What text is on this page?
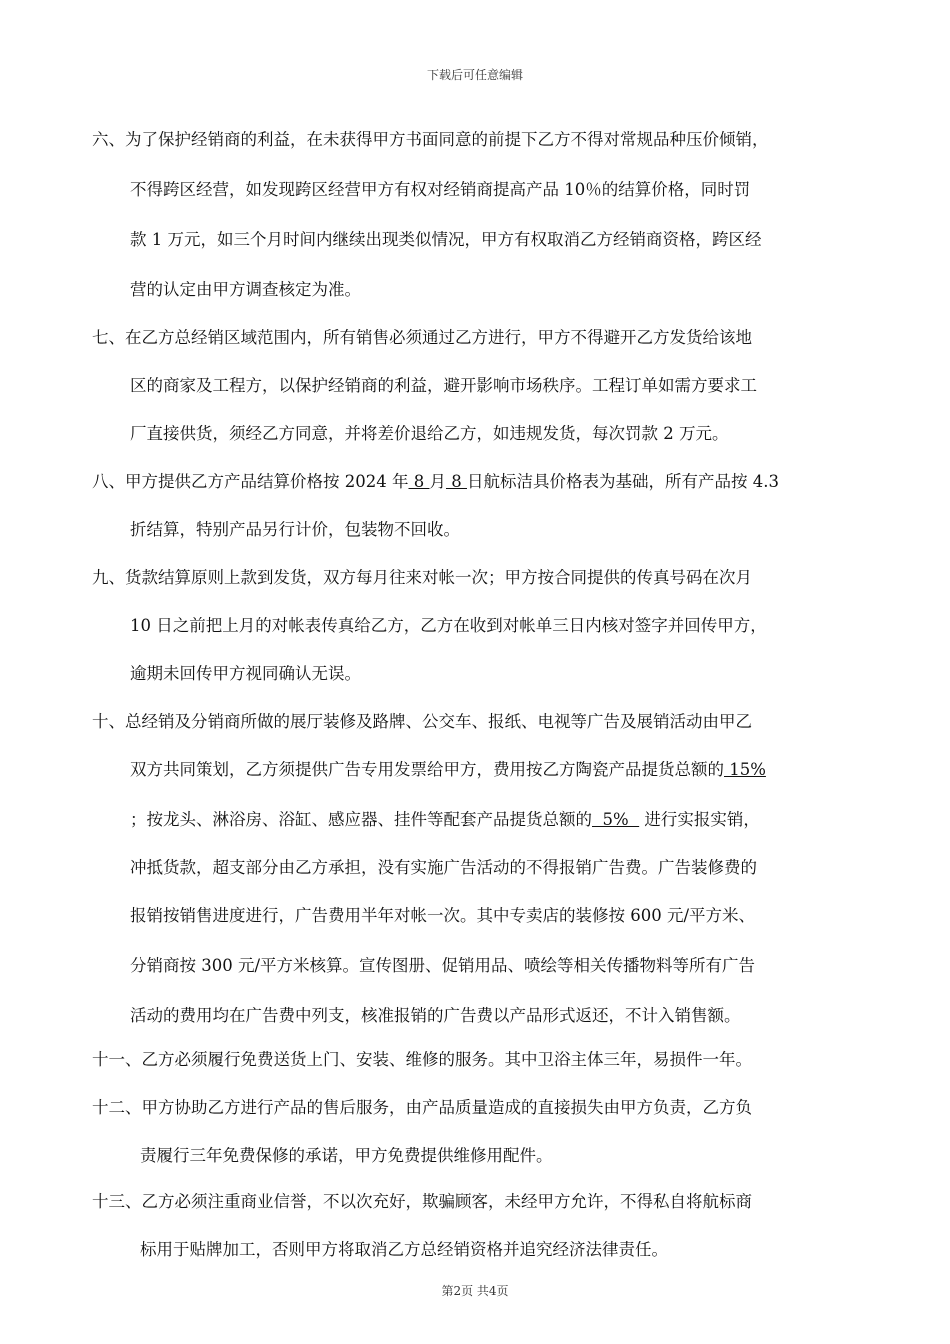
下载后可任意编辑
六、为了保护经销商的利益，在未获得甲方书面同意的前提下乙方不得对常规品种压价倾销，
不得跨区经营，如发现跨区经营甲方有权对经销商提高产品 10％的结算价格，同时罚
款 1 万元，如三个月时间内继续出现类似情况，甲方有权取消乙方经销商资格，跨区经
营的认定由甲方调查核定为准。
七、在乙方总经销区域范围内，所有销售必须通过乙方进行，甲方不得避开乙方发货给该地
区的商家及工程方，以保护经销商的利益，避开影响市场秩序。工程订单如需方要求工
厂直接供货，须经乙方同意，并将差价退给乙方，如违规发货，每次罚款 2 万元。
八、甲方提供乙方产品结算价格按 2024 年 8 月 8 日航标洁具价格表为基础，所有产品按 4.3
折结算，特别产品另行计价，包装物不回收。
九、货款结算原则上款到发货，双方每月往来对帐一次；甲方按合同提供的传真号码在次月
10 日之前把上月的对帐表传真给乙方，乙方在收到对帐单三日内核对签字并回传甲方，
逾期未回传甲方视同确认无误。
十、总经销及分销商所做的展厅装修及路牌、公交车、报纸、电视等广告及展销活动由甲乙
双方共同策划，乙方须提供广告专用发票给甲方，费用按乙方陶瓷产品提货总额的 15%
；按龙头、淋浴房、浴缸、感应器、挂件等配套产品提货总额的  5%   进行实报实销，
冲抵货款，超支部分由乙方承担，没有实施广告活动的不得报销广告费。广告装修费的
报销按销售进度进行，广告费用半年对帐一次。其中专卖店的装修按 600 元/平方米、
分销商按 300 元/平方米核算。宣传图册、促销用品、喷绘等相关传播物料等所有广告
活动的费用均在广告费中列支，核准报销的广告费以产品形式返还，不计入销售额。
十一、乙方必须履行免费送货上门、安装、维修的服务。其中卫浴主体三年，易损件一年。
十二、甲方协助乙方进行产品的售后服务，由产品质量造成的直接损失由甲方负责，乙方负
责履行三年免费保修的承诺，甲方免费提供维修用配件。
十三、乙方必须注重商业信誉，不以次充好，欺骗顾客，未经甲方允许，不得私自将航标商
标用于贴牌加工，否则甲方将取消乙方总经销资格并追究经济法律责任。
第2页 共4页
